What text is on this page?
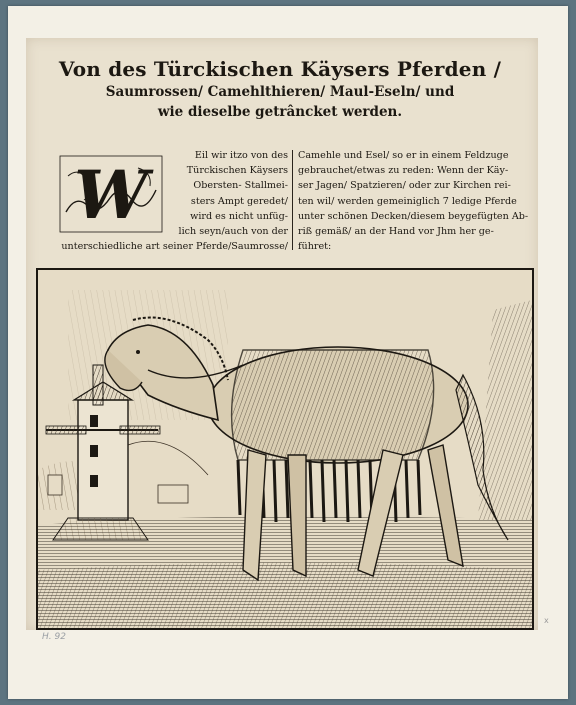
Von des Türckischen Käysers Pferden /
Saumrossen/ Camehlthieren/ Maul-Eseln/ und
wie dieselbe getrâncket werden.
W
Eil wir itzo von des
Türckischen Käysers
Obersten- Stallmei-
sters Ampt geredet/
wird es nicht unfüg-
lich seyn/auch von der
unterschiedliche art seiner Pferde/Saumrosse/
Camehle und Esel/ so er in einem Feldzuge
gebrauchet/etwas zu reden: Wenn der Käy-
ser Jagen/ Spatzieren/ oder zur Kirchen rei-
ten wil/ werden gemeiniglich 7 ledige Pferde
unter schönen Decken/diesem beygefügten Ab-
riß gemäß/ an der Hand vor Jhm her ge-
führet:
H. 92
x
